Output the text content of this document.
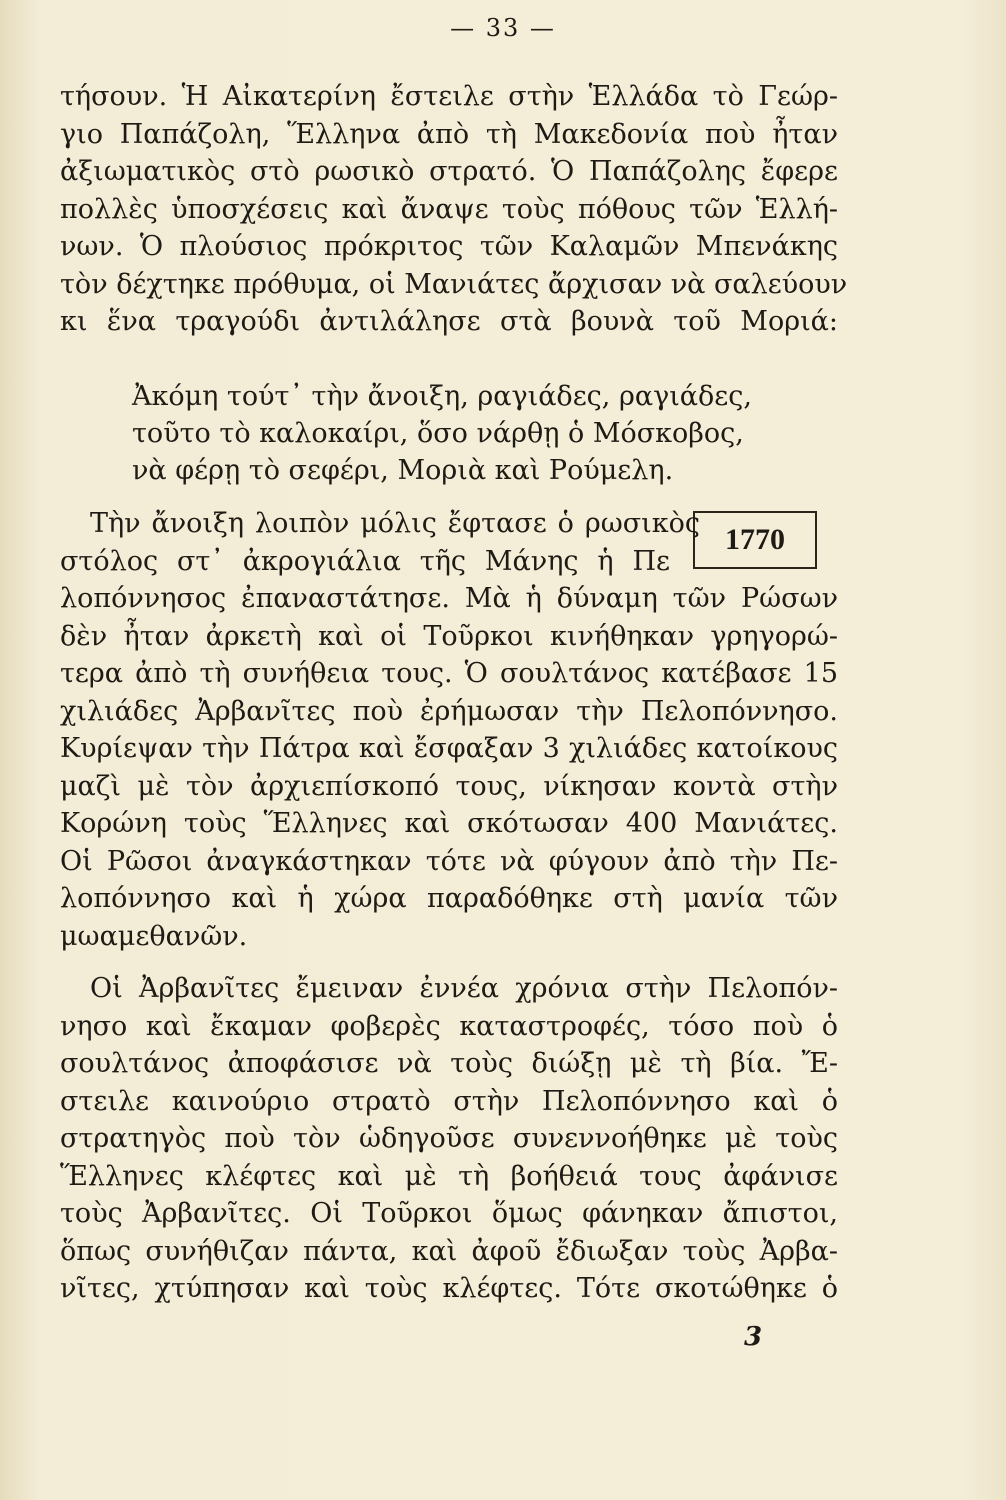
— 33 —
τήσουν. Ἡ Αἰκατερίνη ἔστειλε στὴν Ἑλλάδα τὸ Γεώρ-
γιο Παπάζολη, Ἕλληνα ἀπὸ τὴ Μακεδονία ποὺ ἦταν
ἀξιωματικὸς στὸ ρωσικὸ στρατό. Ὁ Παπάζολης ἔφερε
πολλὲς ὑποσχέσεις καὶ ἄναψε τοὺς πόθους τῶν Ἑλλή-
νων. Ὁ πλούσιος πρόκριτος τῶν Καλαμῶν Μπενάκης
τὸν δέχτηκε πρόθυμα, οἱ Μανιάτες ἄρχισαν νὰ σαλεύουν
κι ἕνα τραγούδι ἀντιλάλησε στὰ βουνὰ τοῦ Μοριά:
Ἀκόμη τούτ᾽ τὴν ἄνοιξη, ραγιάδες, ραγιάδες,
τοῦτο τὸ καλοκαίρι, ὅσο νάρθῃ ὁ Μόσκοβος,
νὰ φέρῃ τὸ σεφέρι, Μοριὰ καὶ Ρούμελη.
1770
Τὴν ἄνοιξη λοιπὸν μόλις ἔφτασε ὁ ρωσικὸς
στόλος στ᾽ ἀκρογιάλια τῆς Μάνης ἡ Πε
λοπόννησος ἐπαναστάτησε. Μὰ ἡ δύναμη τῶν Ρώσων
δὲν ἦταν ἀρκετὴ καὶ οἱ Τοῦρκοι κινήθηκαν γρηγορώ-
τερα ἀπὸ τὴ συνήθεια τους. Ὁ σουλτάνος κατέβασε 15
χιλιάδες Ἀρβανῖτες ποὺ ἐρήμωσαν τὴν Πελοπόννησο.
Κυρίεψαν τὴν Πάτρα καὶ ἔσφαξαν 3 χιλιάδες κατοίκους
μαζὶ μὲ τὸν ἀρχιεπίσκοπό τους, νίκησαν κοντὰ στὴν
Κορώνη τοὺς Ἕλληνες καὶ σκότωσαν 400 Μανιάτες.
Οἱ Ρῶσοι ἀναγκάστηκαν τότε νὰ φύγουν ἀπὸ τὴν Πε-
λοπόννησο καὶ ἡ χώρα παραδόθηκε στὴ μανία τῶν
μωαμεθανῶν.
Οἱ Ἀρβανῖτες ἔμειναν ἐννέα χρόνια στὴν Πελοπόν-
νησο καὶ ἔκαμαν φοβερὲς καταστροφές, τόσο ποὺ ὁ
σουλτάνος ἀποφάσισε νὰ τοὺς διώξῃ μὲ τὴ βία. Ἔ-
στειλε καινούριο στρατὸ στὴν Πελοπόννησο καὶ ὁ
στρατηγὸς ποὺ τὸν ὡδηγοῦσε συνεννοήθηκε μὲ τοὺς
Ἕλληνες κλέφτες καὶ μὲ τὴ βοήθειά τους ἀφάνισε
τοὺς Ἀρβανῖτες. Οἱ Τοῦρκοι ὅμως φάνηκαν ἄπιστοι,
ὅπως συνήθιζαν πάντα, καὶ ἀφοῦ ἔδιωξαν τοὺς Ἀρβα-
νῖτες, χτύπησαν καὶ τοὺς κλέφτες. Τότε σκοτώθηκε ὁ
3
